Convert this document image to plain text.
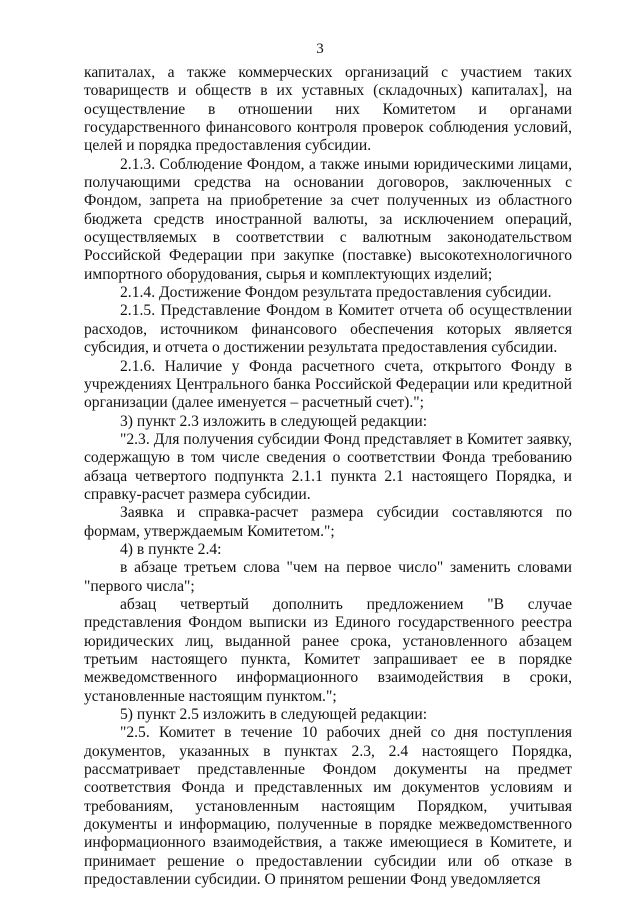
3

капиталах, а также коммерческих организаций с участием таких товариществ и обществ в их уставных (складочных) капиталах], на осуществление в отношении них Комитетом и органами государственного финансового контроля проверок соблюдения условий, целей и порядка предоставления субсидии.

2.1.3. Соблюдение Фондом, а также иными юридическими лицами, получающими средства на основании договоров, заключенных с Фондом, запрета на приобретение за счет полученных из областного бюджета средств иностранной валюты, за исключением операций, осуществляемых в соответствии с валютным законодательством Российской Федерации при закупке (поставке) высокотехнологичного импортного оборудования, сырья и комплектующих изделий;

2.1.4. Достижение Фондом результата предоставления субсидии.

2.1.5. Представление Фондом в Комитет отчета об осуществлении расходов, источником финансового обеспечения которых является субсидия, и отчета о достижении результата предоставления субсидии.

2.1.6. Наличие у Фонда расчетного счета, открытого Фонду в учреждениях Центрального банка Российской Федерации или кредитной организации (далее именуется – расчетный счет).";

3) пункт 2.3 изложить в следующей редакции:

"2.3. Для получения субсидии Фонд представляет в Комитет заявку, содержащую в том числе сведения о соответствии Фонда требованию абзаца четвертого подпункта 2.1.1 пункта 2.1 настоящего Порядка, и справку-расчет размера субсидии.

Заявка и справка-расчет размера субсидии составляются по формам, утверждаемым Комитетом.";

4) в пункте 2.4:

в абзаце третьем слова "чем на первое число" заменить словами "первого числа";

абзац четвертый дополнить предложением "В случае представления Фондом выписки из Единого государственного реестра юридических лиц, выданной ранее срока, установленного абзацем третьим настоящего пункта, Комитет запрашивает ее в порядке межведомственного информационного взаимодействия в сроки, установленные настоящим пунктом.";

5) пункт 2.5 изложить в следующей редакции:

"2.5. Комитет в течение 10 рабочих дней со дня поступления документов, указанных в пунктах 2.3, 2.4 настоящего Порядка, рассматривает представленные Фондом документы на предмет соответствия Фонда и представленных им документов условиям и требованиям, установленным настоящим Порядком, учитывая документы и информацию, полученные в порядке межведомственного информационного взаимодействия, а также имеющиеся в Комитете, и принимает решение о предоставлении субсидии или об отказе в предоставлении субсидии. О принятом решении Фонд уведомляется
